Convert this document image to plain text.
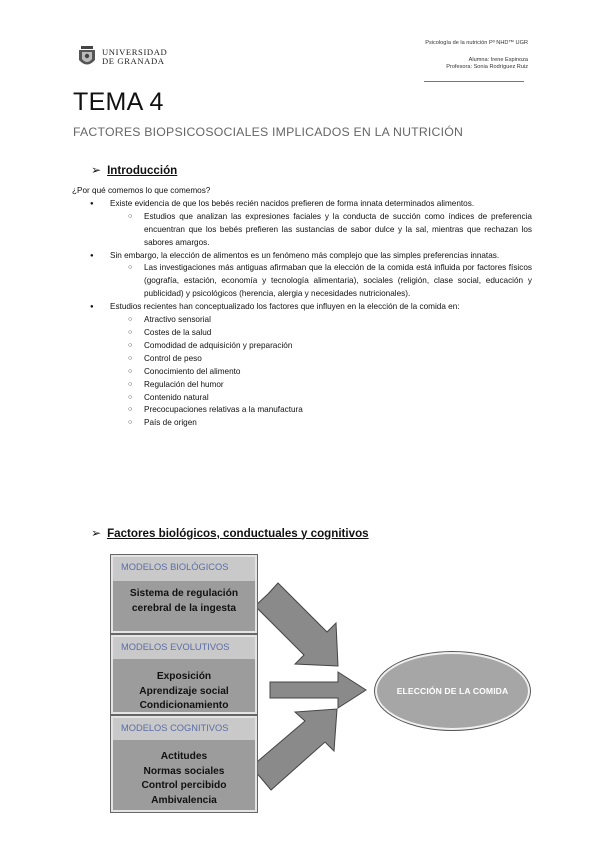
UNIVERSIDAD
DE GRANADA
Psicología de la nutrición Pº NHD™ UGR
Alumna: Irene Espinoza
Profesora: Sonia Rodríguez Ruiz
TEMA 4
FACTORES BIOPSICOSOCIALES IMPLICADOS EN LA NUTRICIÓN
➢ Introducción
¿Por qué comemos lo que comemos?
● Existe evidencia de que los bebés recién nacidos prefieren de forma innata determinados alimentos.
○ Estudios que analizan las expresiones faciales y la conducta de succión como índices de preferencia encuentran que los bebés prefieren las sustancias de sabor dulce y la sal, mientras que rechazan los sabores amargos.
● Sin embargo, la elección de alimentos es un fenómeno más complejo que las simples preferencias innatas.
○ Las investigaciones más antiguas afirmaban que la elección de la comida está influida por factores físicos (gografía, estación, economía y tecnología alimentaria), sociales (religión, clase social, educación y publicidad) y psicológicos (herencia, alergia y necesidades nutricionales).
● Estudios recientes han conceptualizado los factores que influyen en la elección de la comida en:
○ Atractivo sensorial
○ Costes de la salud
○ Comodidad de adquisición y preparación
○ Control de peso
○ Conocimiento del alimento
○ Regulación del humor
○ Contenido natural
○ Precocupaciones relativas a la manufactura
○ País de origen
➢ Factores biológicos, conductuales y cognitivos
MODELOS BIOLÓGICOS
Sistema de regulación
cerebral de la ingesta
MODELOS EVOLUTIVOS
Exposición
Aprendizaje social
Condicionamiento
MODELOS COGNITIVOS
Actitudes
Normas sociales
Control percibido
Ambivalencia
ELECCIÓN DE LA COMIDA
